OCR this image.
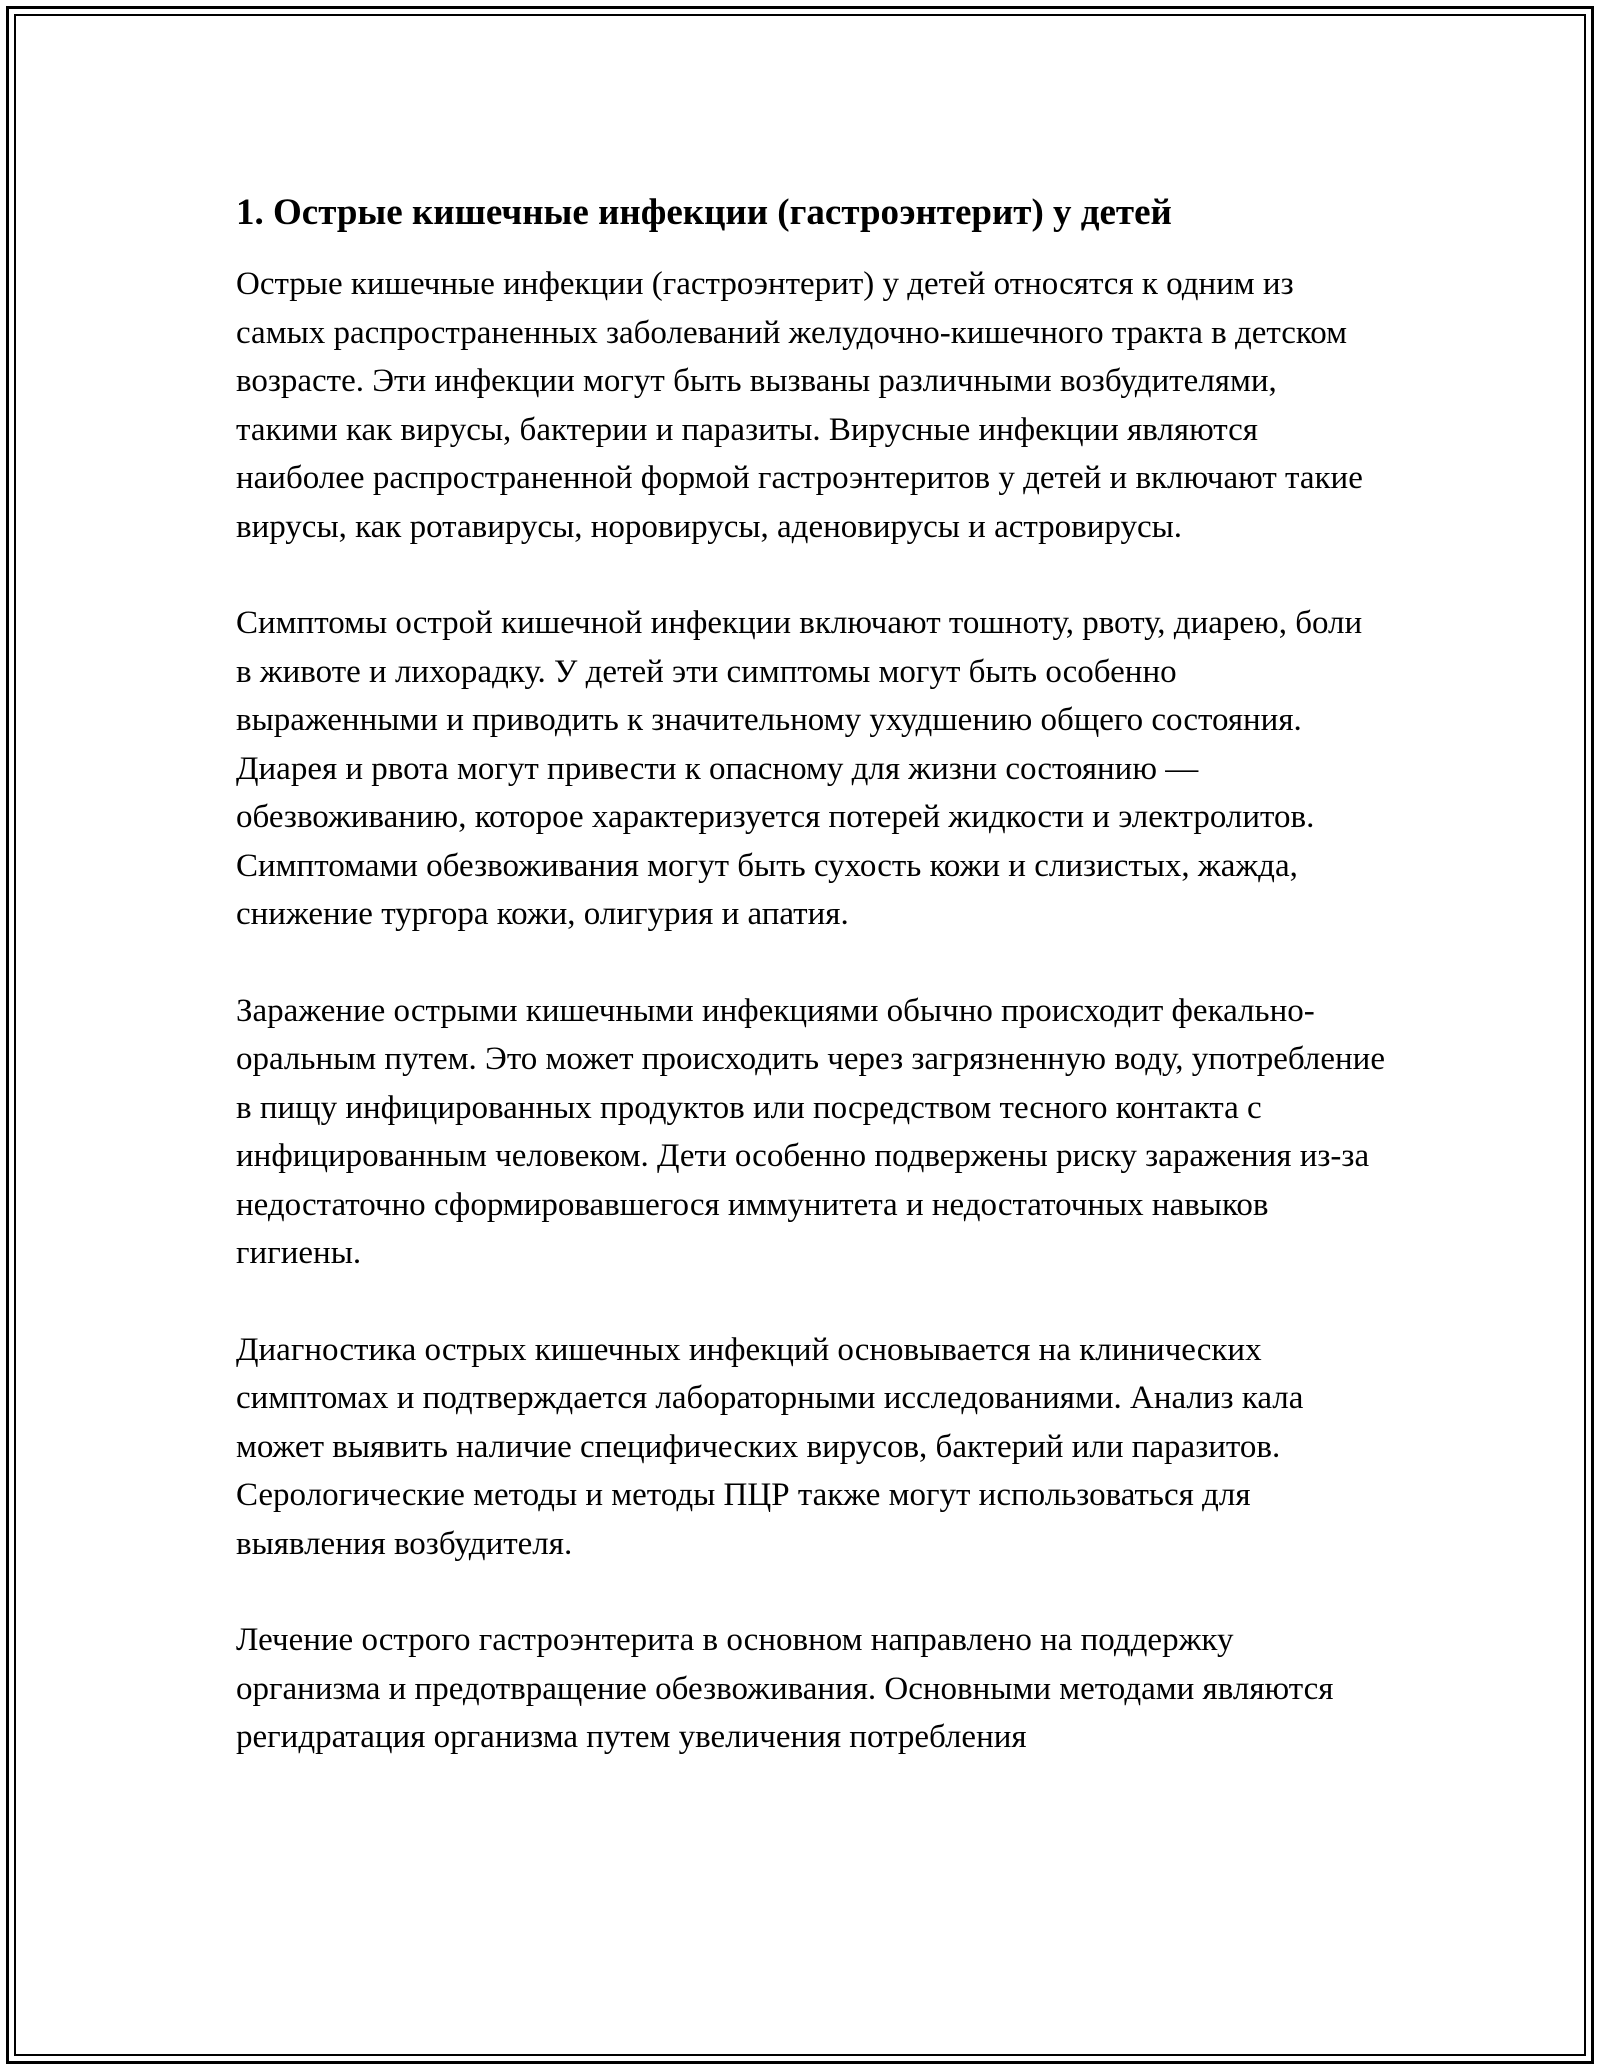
1. Острые кишечные инфекции (гастроэнтерит) у детей

Острые кишечные инфекции (гастроэнтерит) у детей относятся к одним из самых распространенных заболеваний желудочно-кишечного тракта в детском возрасте. Эти инфекции могут быть вызваны различными возбудителями, такими как вирусы, бактерии и паразиты. Вирусные инфекции являются наиболее распространенной формой гастроэнтеритов у детей и включают такие вирусы, как ротавирусы, норовирусы, аденовирусы и астровирусы.

Симптомы острой кишечной инфекции включают тошноту, рвоту, диарею, боли в животе и лихорадку. У детей эти симптомы могут быть особенно выраженными и приводить к значительному ухудшению общего состояния. Диарея и рвота могут привести к опасному для жизни состоянию — обезвоживанию, которое характеризуется потерей жидкости и электролитов. Симптомами обезвоживания могут быть сухость кожи и слизистых, жажда, снижение тургора кожи, олигурия и апатия.

Заражение острыми кишечными инфекциями обычно происходит фекально-оральным путем. Это может происходить через загрязненную воду, употребление в пищу инфицированных продуктов или посредством тесного контакта с инфицированным человеком. Дети особенно подвержены риску заражения из-за недостаточно сформировавшегося иммунитета и недостаточных навыков гигиены.

Диагностика острых кишечных инфекций основывается на клинических симптомах и подтверждается лабораторными исследованиями. Анализ кала может выявить наличие специфических вирусов, бактерий или паразитов. Серологические методы и методы ПЦР также могут использоваться для выявления возбудителя.

Лечение острого гастроэнтерита в основном направлено на поддержку организма и предотвращение обезвоживания. Основными методами являются регидратация организма путем увеличения потребления
